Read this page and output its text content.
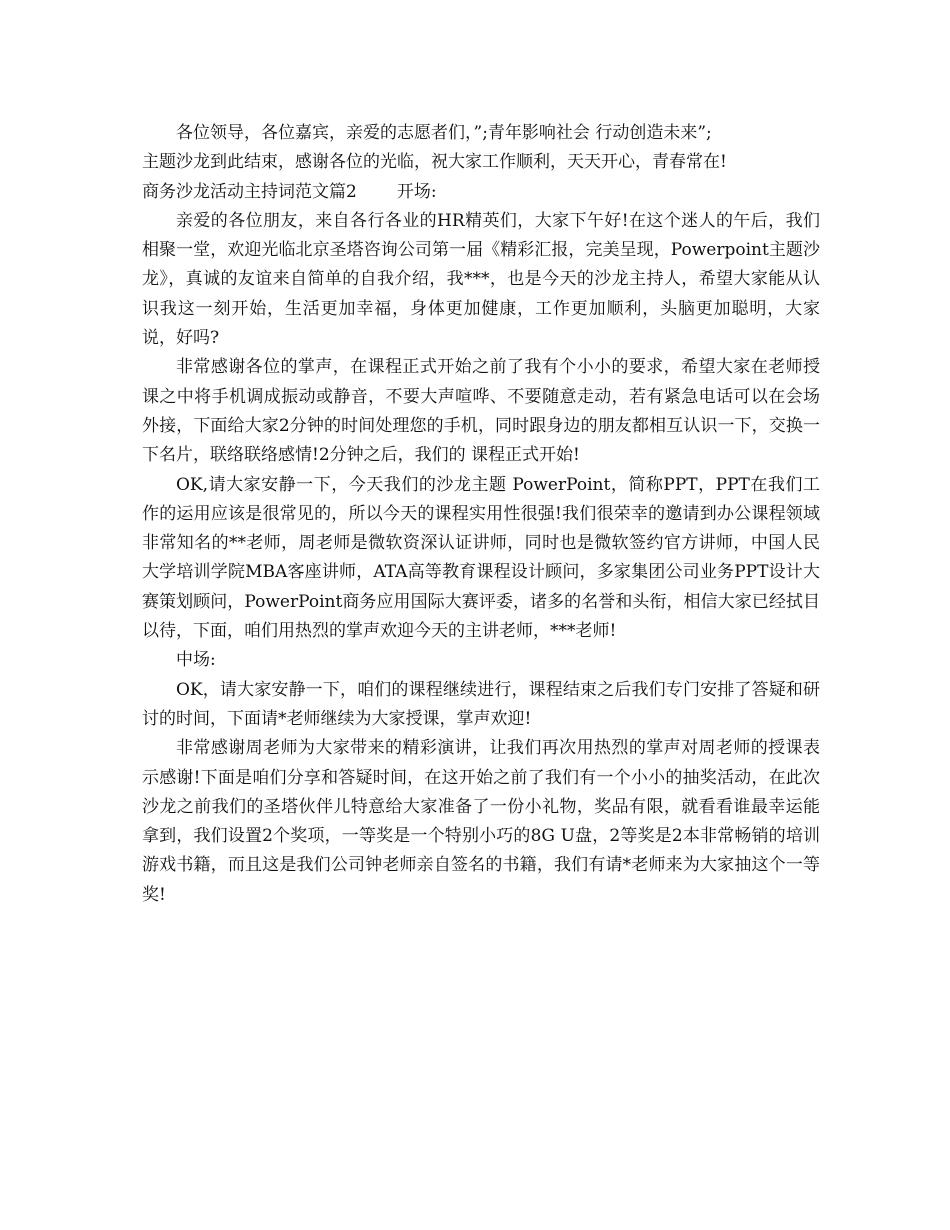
各位领导，各位嘉宾，亲爱的志愿者们，”;青年影响社会 行动创造未来”;

主题沙龙到此结束，感谢各位的光临，祝大家工作顺利，天天开心，青春常在!

商务沙龙活动主持词范文篇2 开场:

亲爱的各位朋友，来自各行各业的HR精英们，大家下午好!在这个迷人的午后，我们相聚一堂，欢迎光临北京圣塔咨询公司第一届《精彩汇报，完美呈现，Powerpoint主题沙龙》，真诚的友谊来自简单的自我介绍，我***，也是今天的沙龙主持人，希望大家能从认识我这一刻开始，生活更加幸福，身体更加健康，工作更加顺利，头脑更加聪明，大家说，好吗?

非常感谢各位的掌声，在课程正式开始之前了我有个小小的要求，希望大家在老师授课之中将手机调成振动或静音，不要大声喧哗、不要随意走动，若有紧急电话可以在会场外接，下面给大家2分钟的时间处理您的手机，同时跟身边的朋友都相互认识一下，交换一下名片，联络联络感情!2分钟之后，我们的 课程正式开始!

OK,请大家安静一下，今天我们的沙龙主题 PowerPoint，简称PPT，PPT在我们工作的运用应该是很常见的，所以今天的课程实用性很强!我们很荣幸的邀请到办公课程领域非常知名的**老师，周老师是微软资深认证讲师，同时也是微软签约官方讲师，中国人民大学培训学院MBA客座讲师，ATA高等教育课程设计顾问，多家集团公司业务PPT设计大赛策划顾问，PowerPoint商务应用国际大赛评委，诸多的名誉和头衔，相信大家已经拭目以待，下面，咱们用热烈的掌声欢迎今天的主讲老师，***老师!

中场:

OK，请大家安静一下，咱们的课程继续进行，课程结束之后我们专门安排了答疑和研讨的时间，下面请*老师继续为大家授课，掌声欢迎!

非常感谢周老师为大家带来的精彩演讲，让我们再次用热烈的掌声对周老师的授课表示感谢!下面是咱们分享和答疑时间，在这开始之前了我们有一个小小的抽奖活动，在此次沙龙之前我们的圣塔伙伴儿特意给大家准备了一份小礼物，奖品有限，就看看谁最幸运能拿到，我们设置2个奖项，一等奖是一个特别小巧的8G U盘，2等奖是2本非常畅销的培训游戏书籍，而且这是我们公司钟老师亲自签名的书籍，我们有请*老师来为大家抽这个一等奖!
